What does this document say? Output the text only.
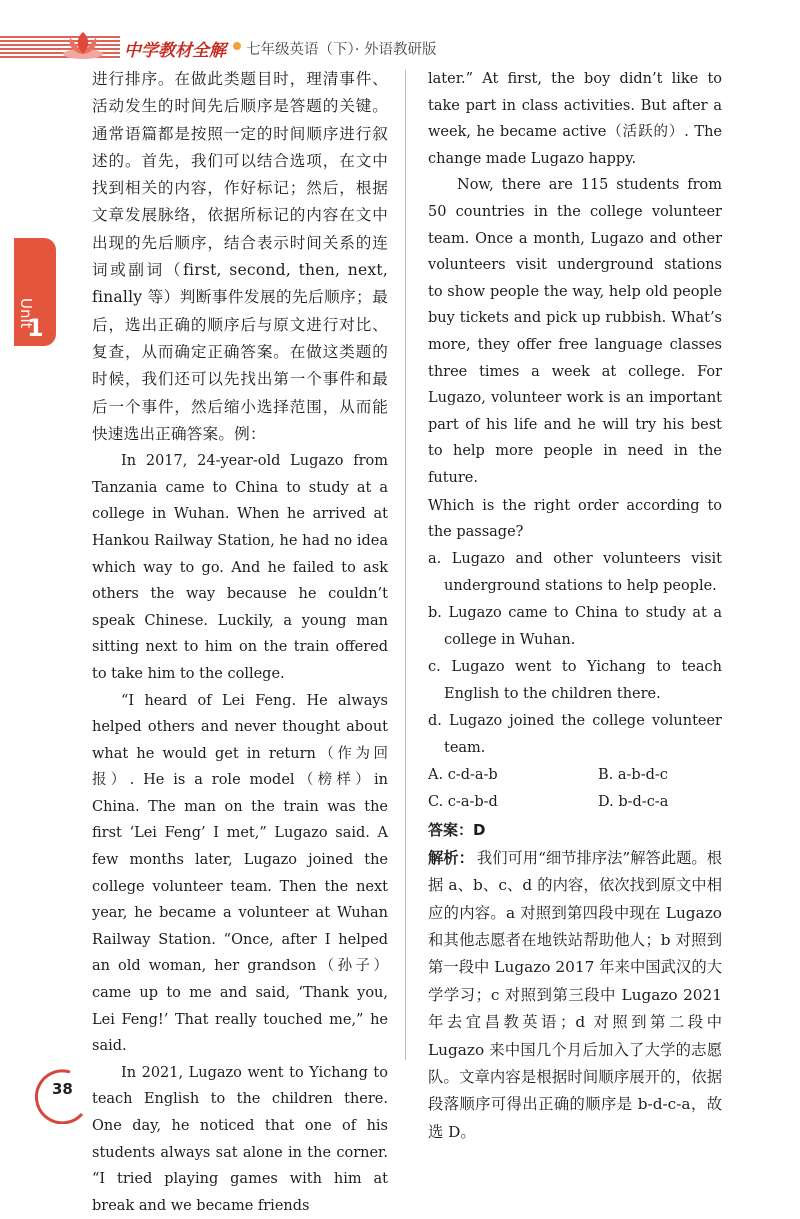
中学教材全解 七年级英语（下）· 外语教研版
Unit
1

进行排序。在做此类题目时，理清事件、活动发生的时间先后顺序是答题的关键。通常语篇都是按照一定的时间顺序进行叙述的。首先，我们可以结合选项，在文中找到相关的内容，作好标记；然后，根据文章发展脉络，依据所标记的内容在文中出现的先后顺序，结合表示时间关系的连词或副词（first, second, then, next, finally 等）判断事件发展的先后顺序；最后，选出正确的顺序后与原文进行对比、复查，从而确定正确答案。在做这类题的时候，我们还可以先找出第一个事件和最后一个事件，然后缩小选择范围，从而能快速选出正确答案。例：

In 2017, 24-year-old Lugazo from Tanzania came to China to study at a college in Wuhan. When he arrived at Hankou Railway Station, he had no idea which way to go. And he failed to ask others the way because he couldn’t speak Chinese. Luckily, a young man sitting next to him on the train offered to take him to the college.

“I heard of Lei Feng. He always helped others and never thought about what he would get in return（作为回报）. He is a role model（榜样）in China. The man on the train was the first ‘Lei Feng’ I met,” Lugazo said. A few months later, Lugazo joined the college volunteer team. Then the next year, he became a volunteer at Wuhan Railway Station. “Once, after I helped an old woman, her grandson（孙子）came up to me and said, ‘Thank you, Lei Feng!’ That really touched me,” he said.

In 2021, Lugazo went to Yichang to teach English to the children there. One day, he noticed that one of his students always sat alone in the corner. “I tried playing games with him at break and we became friends

later.” At first, the boy didn’t like to take part in class activities. But after a week, he became active（活跃的）. The change made Lugazo happy.

Now, there are 115 students from 50 countries in the college volunteer team. Once a month, Lugazo and other volunteers visit underground stations to show people the way, help old people buy tickets and pick up rubbish. What’s more, they offer free language classes three times a week at college. For Lugazo, volunteer work is an important part of his life and he will try his best to help more people in need in the future.

Which is the right order according to the passage?

a. Lugazo and other volunteers visit underground stations to help people.

b. Lugazo came to China to study at a college in Wuhan.

c. Lugazo went to Yichang to teach English to the children there.

d. Lugazo joined the college volunteer team.

A. c-d-a-b	B. a-b-d-c
C. c-a-b-d	D. b-d-c-a

答案：D

解析： 我们可用“细节排序法”解答此题。根据 a、b、c、d 的内容，依次找到原文中相应的内容。a 对照到第四段中现在 Lugazo 和其他志愿者在地铁站帮助他人；b 对照到第一段中 Lugazo 2017 年来中国武汉的大学学习；c 对照到第三段中 Lugazo 2021 年去宜昌教英语；d 对照到第二段中 Lugazo 来中国几个月后加入了大学的志愿队。文章内容是根据时间顺序展开的，依据段落顺序可得出正确的顺序是 b-d-c-a，故选 D。

38
